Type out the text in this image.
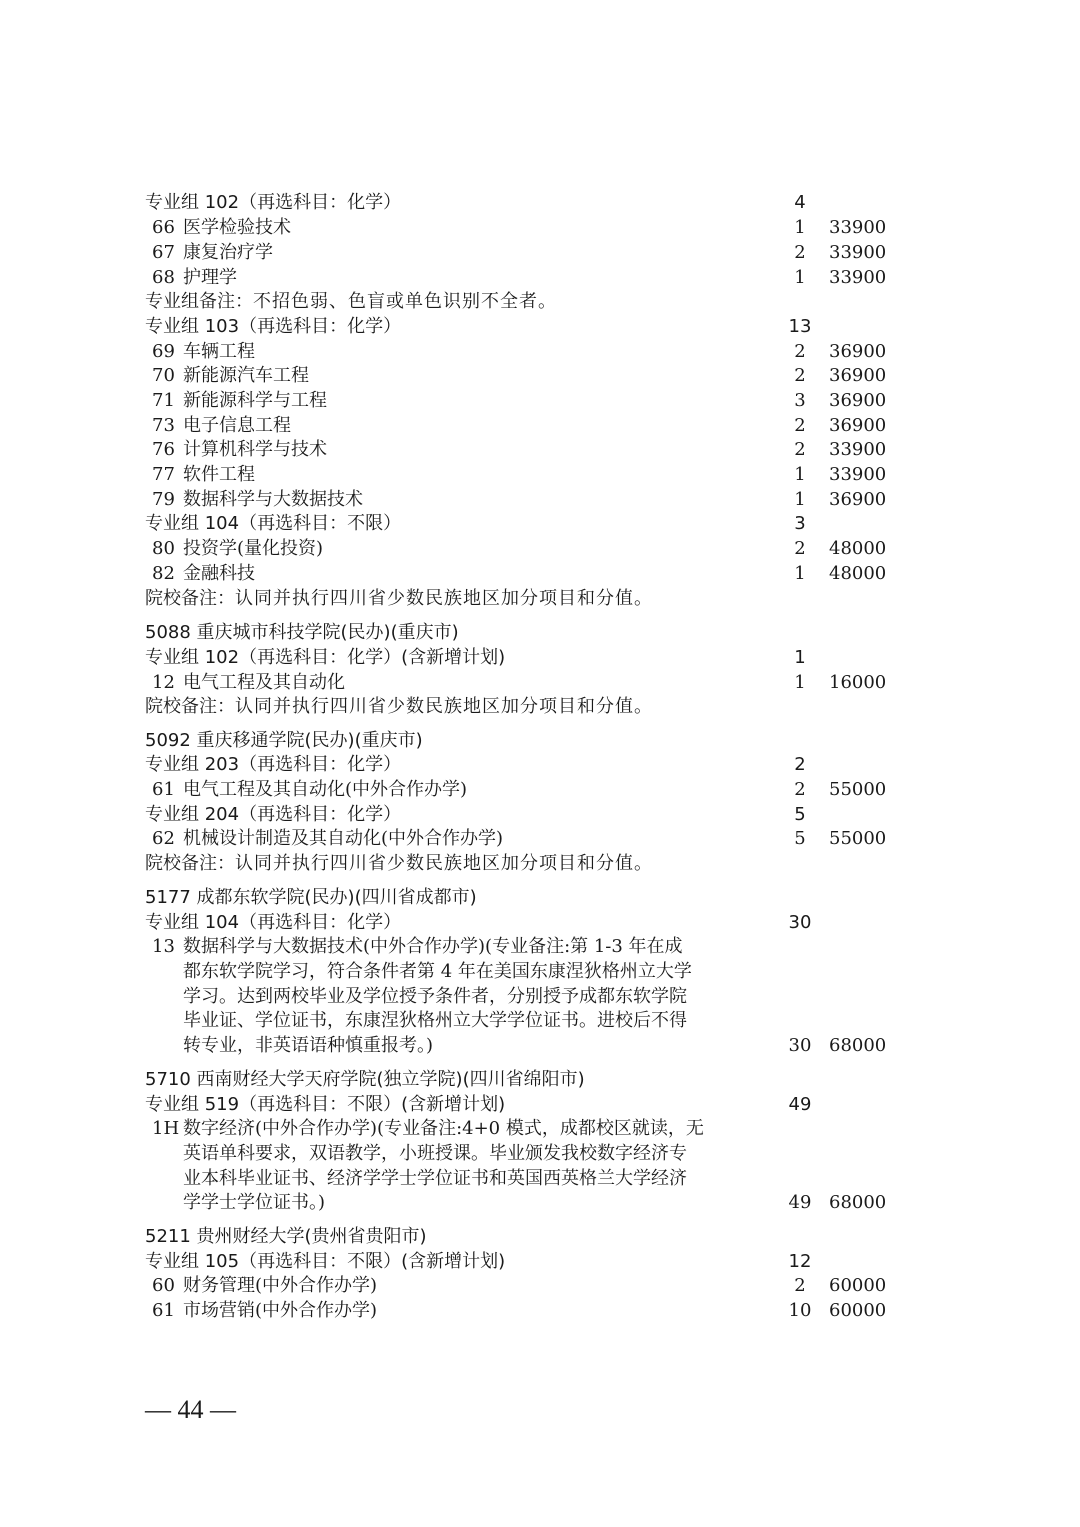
专业组 102（再选科目：化学）	4
66 医学检验技术	1	33900
67 康复治疗学	2	33900
68 护理学	1	33900
专业组备注： 不招色弱、色盲或单色识别不全者。
专业组 103（再选科目：化学）	13
69 车辆工程	2	36900
70 新能源汽车工程	2	36900
71 新能源科学与工程	3	36900
73 电子信息工程	2	36900
76 计算机科学与技术	2	33900
77 软件工程	1	33900
79 数据科学与大数据技术	1	36900
专业组 104（再选科目：不限）	3
80 投资学(量化投资)	2	48000
82 金融科技	1	48000
院校备注： 认同并执行四川省少数民族地区加分项目和分值。
5088 重庆城市科技学院(民办)(重庆市)
专业组 102（再选科目：化学）(含新增计划)	1
12 电气工程及其自动化	1	16000
院校备注： 认同并执行四川省少数民族地区加分项目和分值。
5092 重庆移通学院(民办)(重庆市)
专业组 203（再选科目：化学）	2
61 电气工程及其自动化(中外合作办学)	2	55000
专业组 204（再选科目：化学）	5
62 机械设计制造及其自动化(中外合作办学)	5	55000
院校备注： 认同并执行四川省少数民族地区加分项目和分值。
5177 成都东软学院(民办)(四川省成都市)
专业组 104（再选科目：化学）	30
13 数据科学与大数据技术(中外合作办学)(专业备注:第 1-3 年在成
都东软学院学习，符合条件者第 4 年在美国东康涅狄格州立大学
学习。达到两校毕业及学位授予条件者，分别授予成都东软学院
毕业证、学位证书，东康涅狄格州立大学学位证书。进校后不得
转专业，非英语语种慎重报考。)	30 68000
5710 西南财经大学天府学院(独立学院)(四川省绵阳市)
专业组 519（再选科目：不限）(含新增计划)	49
1H 数字经济(中外合作办学)(专业备注:4+0 模式，成都校区就读，无
英语单科要求，双语教学，小班授课。毕业颁发我校数字经济专
业本科毕业证书、经济学学士学位证书和英国西英格兰大学经济
学学士学位证书。)	49 68000
5211 贵州财经大学(贵州省贵阳市)
专业组 105（再选科目：不限）(含新增计划)	12
60 财务管理(中外合作办学)	2	60000
61 市场营销(中外合作办学)	10 60000
— 44 —
